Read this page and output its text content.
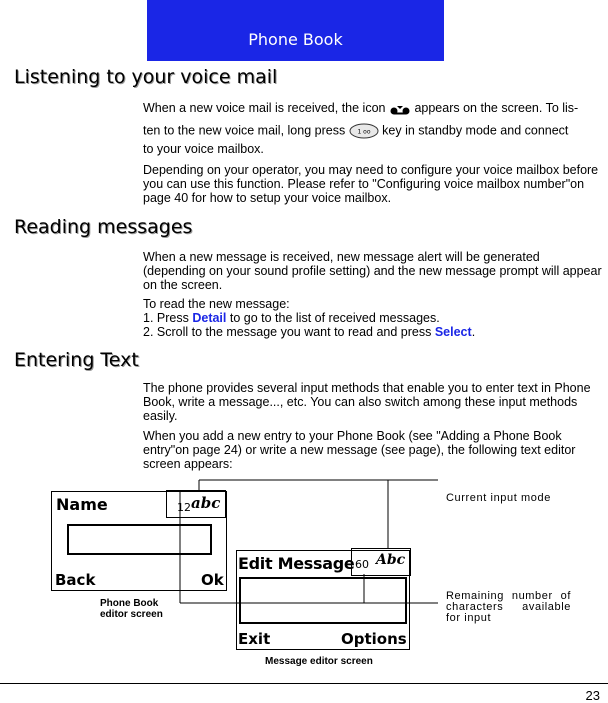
Phone Book
Listening to your voice mail
When a new voice mail is received, the icon appears on the screen. To lis-
ten to the new voice mail, long press 1 oo key in standby mode and connect
to your voice mailbox.

Depending on your operator, you may need to configure your voice mailbox before you can use this function. Please refer to "Configuring voice mailbox number"on page 40 for how to setup your voice mailbox.

Reading messages

When a new message is received, new message alert will be generated (depending on your sound profile setting) and the new message prompt will appear on the screen.

To read the new message:
1. Press Detail to go to the list of received messages.
2. Scroll to the message you want to read and press Select.
Entering Text

The phone provides several input methods that enable you to enter text in Phone Book, write a message..., etc. You can also switch among these input methods easily.

When you add a new entry to your Phone Book (see "Adding a Phone Book entry"on page 24) or write a new message (see page), the following text editor screen appears:

Name	12 abc
Back	Ok
Edit Message 60 Abc
Exit	Options
Current input mode
Remaining number of characters available for input
Phone Book editor screen
Message editor screen
23
